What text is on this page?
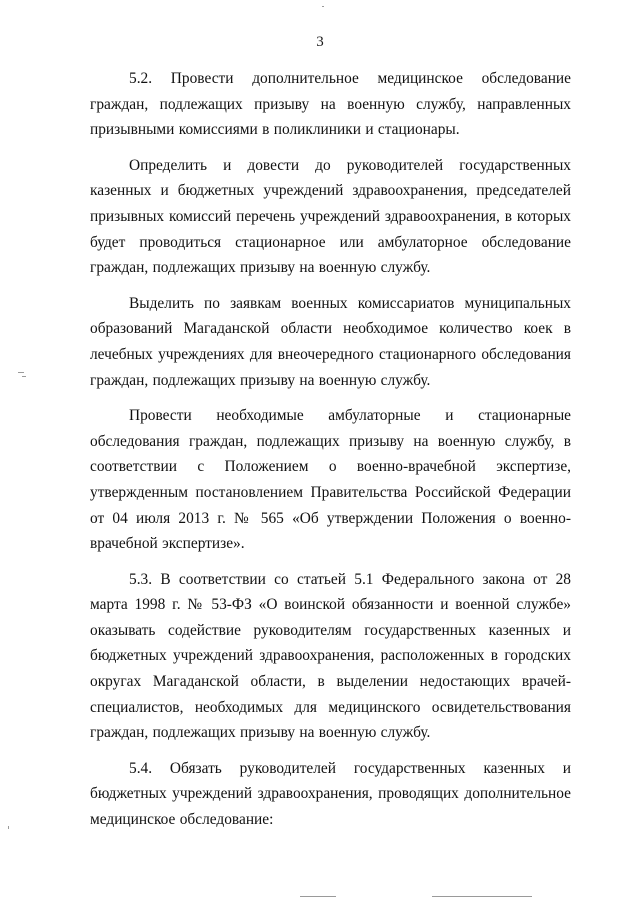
3

5.2. Провести дополнительное медицинское обследование граждан, подлежащих призыву на военную службу, направленных призывными комиссиями в поликлиники и стационары.

Определить и довести до руководителей государственных казенных и бюджетных учреждений здравоохранения, председателей призывных комиссий перечень учреждений здравоохранения, в которых будет проводиться стационарное или амбулаторное обследование граждан, подлежащих призыву на военную службу.

Выделить по заявкам военных комиссариатов муниципальных образований Магаданской области необходимое количество коек в лечебных учреждениях для внеочередного стационарного обследования граждан, подлежащих призыву на военную службу.

Провести необходимые амбулаторные и стационарные обследования граждан, подлежащих призыву на военную службу, в соответствии с Положением о военно-врачебной экспертизе, утвержденным постановлением Правительства Российской Федерации от 04 июля 2013 г. № 565 «Об утверждении Положения о военно-врачебной экспертизе».

5.3. В соответствии со статьей 5.1 Федерального закона от 28 марта 1998 г. № 53-ФЗ «О воинской обязанности и военной службе» оказывать содействие руководителям государственных казенных и бюджетных учреждений здравоохранения, расположенных в городских округах Магаданской области, в выделении недостающих врачей-специалистов, необходимых для медицинского освидетельствования граждан, подлежащих призыву на военную службу.

5.4. Обязать руководителей государственных казенных и бюджетных учреждений здравоохранения, проводящих дополнительное медицинское обследование:
